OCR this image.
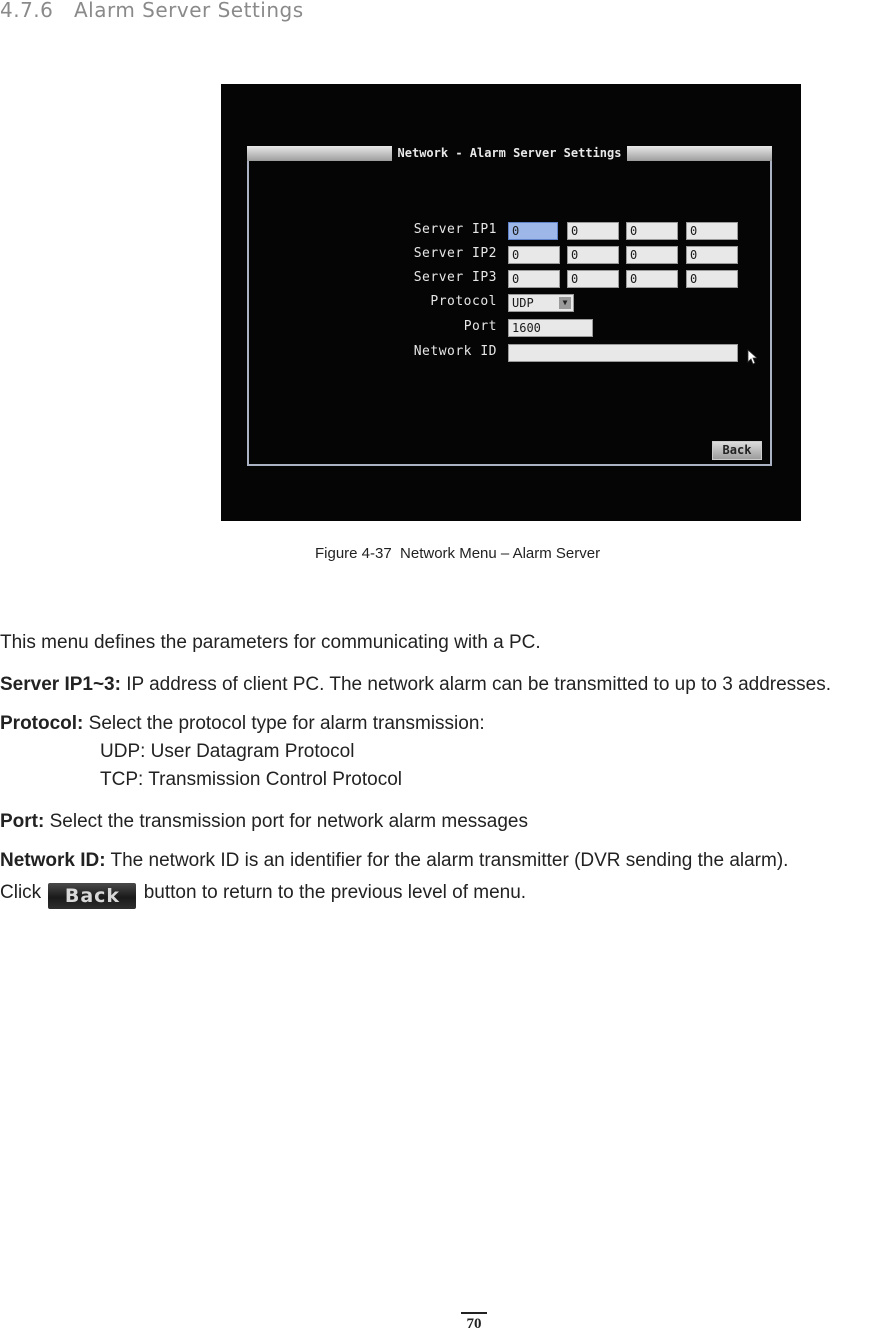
4.7.6   Alarm Server Settings
Network - Alarm Server Settings
Server IP1	0	0	0	0
Server IP2	0	0	0	0
Server IP3	0	0	0	0
Protocol	UDP	▼
Port	1600
Network ID
Back
Figure 4-37  Network Menu – Alarm Server
This menu defines the parameters for communicating with a PC.
Server IP1~3: IP address of client PC. The network alarm can be transmitted to up to 3 addresses.
Protocol: Select the protocol type for alarm transmission:
UDP: User Datagram Protocol
TCP: Transmission Control Protocol
Port: Select the transmission port for network alarm messages
Network ID: The network ID is an identifier for the alarm transmitter (DVR sending the alarm).
Click Back button to return to the previous level of menu.
70
